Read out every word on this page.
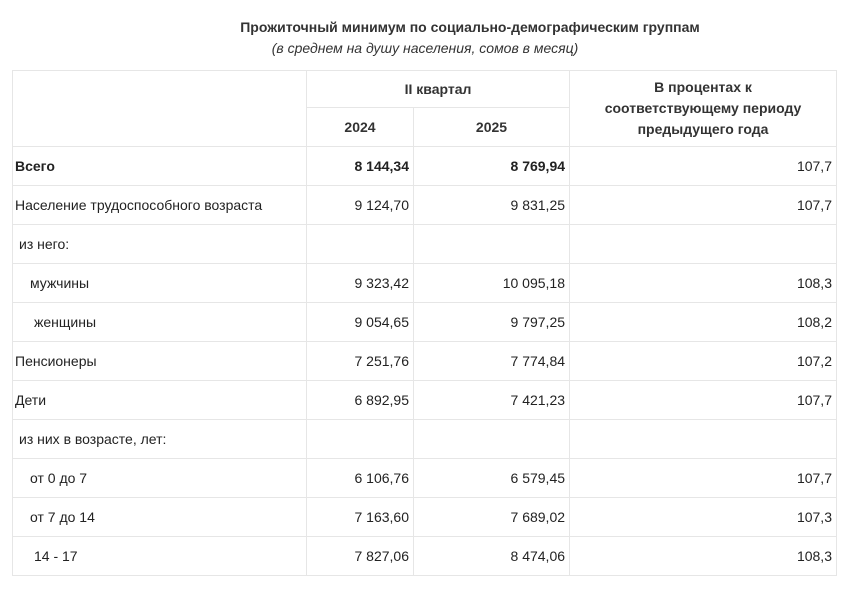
Прожиточный минимум по социально-демографическим группам
(в среднем на душу населения, сомов в месяц)
	II квартал		В процентах к
соответствующему периоду
предыдущего года
	2024	2025	
Всего	8 144,34	8 769,94	107,7
Население трудоспособного возраста	9 124,70	9 831,25	107,7
из него:			
мужчины	9 323,42	10 095,18	108,3
женщины	9 054,65	9 797,25	108,2
Пенсионеры	7 251,76	7 774,84	107,2
Дети	6 892,95	7 421,23	107,7
из них в возрасте, лет:			
от 0 до 7	6 106,76	6 579,45	107,7
от 7 до 14	7 163,60	7 689,02	107,3
14 - 17	7 827,06	8 474,06	108,3
